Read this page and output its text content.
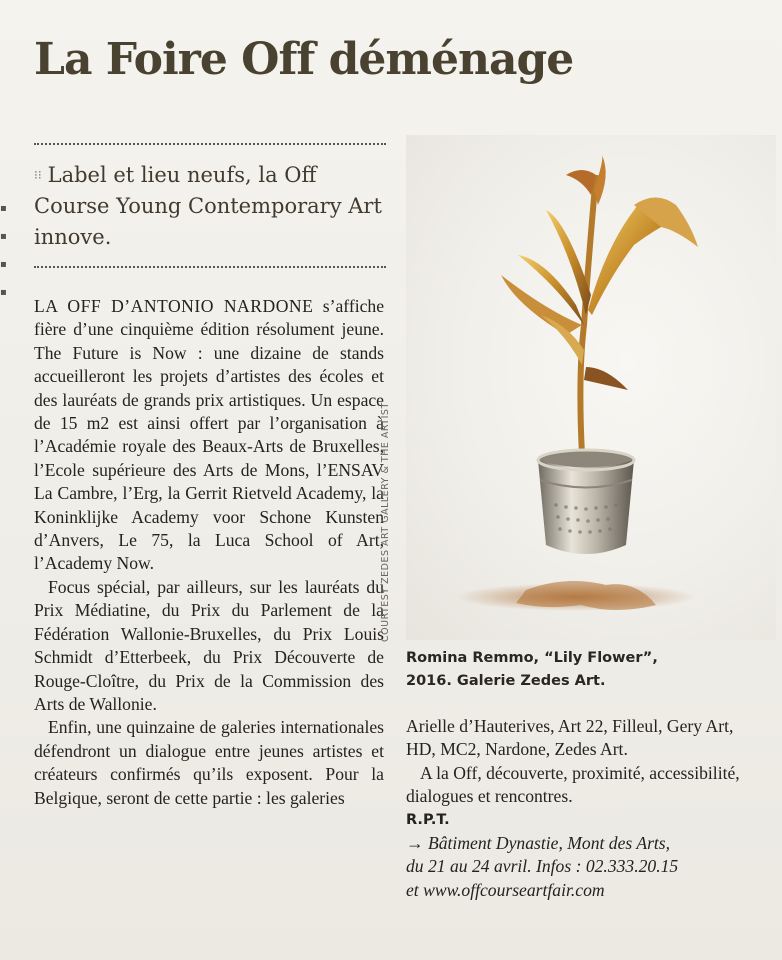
▪
▪
▪
▪
La Foire Off déménage
⁝⁝ Label et lieu neufs, la Off Course Young Contemporary Art innove.

LA OFF D’ANTONIO NARDONE s’affiche fière d’une cinquième édition résolument jeune. The Future is Now : une dizaine de stands accueilleront les projets d’artistes des écoles et des lauréats de grands prix artistiques. Un espace de 15 m2 est ainsi offert par l’organisation à l’Académie royale des Beaux-Arts de Bruxelles, l’Ecole supérieure des Arts de Mons, l’ENSAV La Cambre, l’Erg, la Gerrit Rietveld Academy, la Koninklijke Academy voor Schone Kunsten d’Anvers, Le 75, la Luca School of Art, l’Academy Now.

Focus spécial, par ailleurs, sur les lauréats du Prix Médiatine, du Prix du Parlement de la Fédération Wallonie-Bruxelles, du Prix Louis Schmidt d’Etterbeek, du Prix Découverte de Rouge-Cloître, du Prix de la Commission des Arts de Wallonie.

Enfin, une quinzaine de galeries internationales défendront un dialogue entre jeunes artistes et créateurs confirmés qu’ils exposent. Pour la Belgique, seront de cette partie : les galeries

COURTESY ZEDES ART GALLERY & THE ARTIST
Romina Remmo, “Lily Flower”,
2016. Galerie Zedes Art.

Arielle d’Hauterives, Art 22, Filleul, Gery Art, HD, MC2, Nardone, Zedes Art.

A la Off, découverte, proximité, accessibilité, dialogues et rencontres.

R.P.T.

→ Bâtiment Dynastie, Mont des Arts,
du 21 au 24 avril. Infos : 02.333.20.15
et www.offcourseartfair.com
